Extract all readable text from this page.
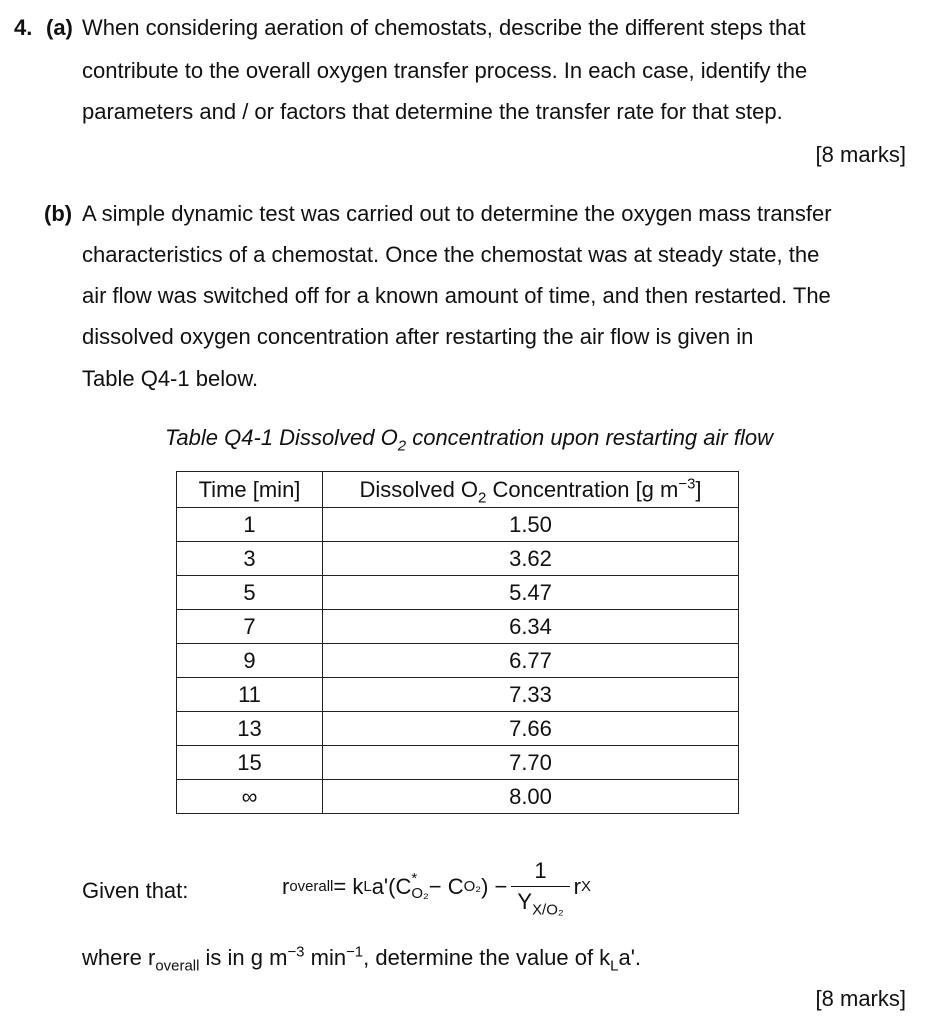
4. (a) When considering aeration of chemostats, describe the different steps that
contribute to the overall oxygen transfer process. In each case, identify the
parameters and / or factors that determine the transfer rate for that step.
[8 marks]
(b) A simple dynamic test was carried out to determine the oxygen mass transfer
characteristics of a chemostat. Once the chemostat was at steady state, the
air flow was switched off for a known amount of time, and then restarted. The
dissolved oxygen concentration after restarting the air flow is given in
Table Q4-1 below.
Table Q4-1 Dissolved $O_2$ concentration upon restarting air flow
Time [min]	Dissolved $O_2$ Concentration [g $m^{-3}$]
1	1.50
3	3.62
5	5.47
7	6.34
9	6.77
11	7.33
13	7.66
15	7.70
∞	8.00
Given that:	r overall = k L a'(C *
O₂ − C O₂ ) − $\frac{1}{Y_{X/O_2}}$ r X
where $r_{overall}$ is in g $m^{-3}$ $\min^{-1}$, determine the value of $k_La'$.
[8 marks]
